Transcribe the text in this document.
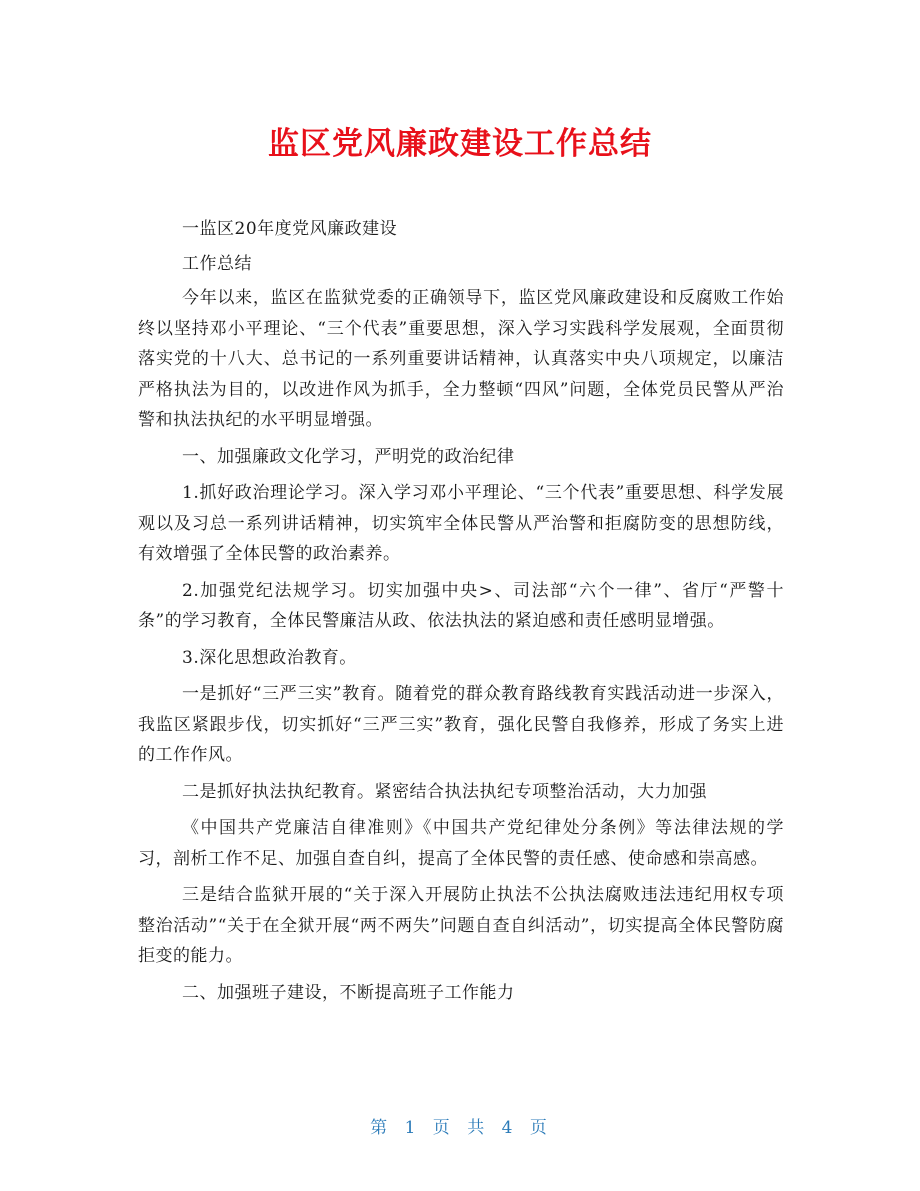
监区党风廉政建设工作总结

一监区20年度党风廉政建设

工作总结

今年以来，监区在监狱党委的正确领导下，监区党风廉政建设和反腐败工作始终以坚持邓小平理论、“三个代表”重要思想，深入学习实践科学发展观，全面贯彻落实党的十八大、总书记的一系列重要讲话精神，认真落实中央八项规定，以廉洁严格执法为目的，以改进作风为抓手，全力整顿“四风”问题，全体党员民警从严治警和执法执纪的水平明显增强。

一、加强廉政文化学习，严明党的政治纪律

1.抓好政治理论学习。深入学习邓小平理论、“三个代表”重要思想、科学发展观以及习总一系列讲话精神，切实筑牢全体民警从严治警和拒腐防变的思想防线，有效增强了全体民警的政治素养。

2.加强党纪法规学习。切实加强中央>、司法部“六个一律”、省厅“严警十条”的学习教育，全体民警廉洁从政、依法执法的紧迫感和责任感明显增强。

3.深化思想政治教育。

一是抓好“三严三实”教育。随着党的群众教育路线教育实践活动进一步深入，我监区紧跟步伐，切实抓好“三严三实”教育，强化民警自我修养，形成了务实上进的工作作风。

二是抓好执法执纪教育。紧密结合执法执纪专项整治活动，大力加强

《中国共产党廉洁自律准则》《中国共产党纪律处分条例》等法律法规的学习，剖析工作不足、加强自查自纠，提高了全体民警的责任感、使命感和崇高感。

三是结合监狱开展的“关于深入开展防止执法不公执法腐败违法违纪用权专项整治活动”“关于在全狱开展“两不两失”问题自查自纠活动”，切实提高全体民警防腐拒变的能力。

二、加强班子建设，不断提高班子工作能力

第 1 页 共 4 页
